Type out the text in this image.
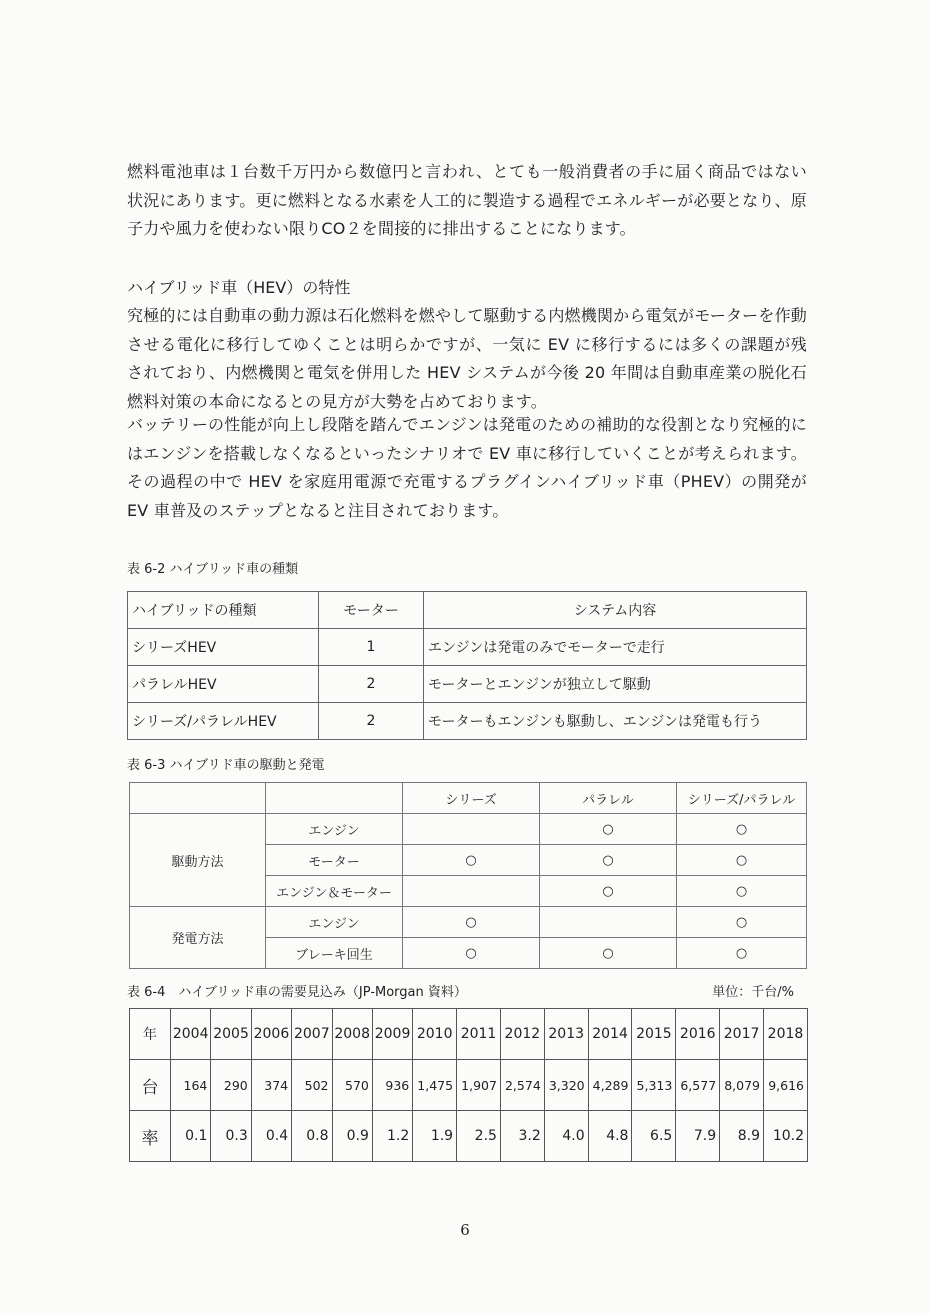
燃料電池車は１台数千万円から数億円と言われ、とても一般消費者の手に届く商品ではない状況にあります。更に燃料となる水素を人工的に製造する過程でエネルギーが必要となり、原子力や風力を使わない限りCO２を間接的に排出することになります。

ハイブリッド車（HEV）の特性

究極的には自動車の動力源は石化燃料を燃やして駆動する内燃機関から電気がモーターを作動させる電化に移行してゆくことは明らかですが、一気に EV に移行するには多くの課題が残されており、内燃機関と電気を併用した HEV システムが今後 20 年間は自動車産業の脱化石燃料対策の本命になるとの見方が大勢を占めております。

バッテリーの性能が向上し段階を踏んでエンジンは発電のための補助的な役割となり究極的にはエンジンを搭載しなくなるといったシナリオで EV 車に移行していくことが考えられます。その過程の中で HEV を家庭用電源で充電するプラグインハイブリッド車（PHEV）の開発が EV 車普及のステップとなると注目されております。

表 6-2 ハイブリッド車の種類

ハイブリッドの種類	モーター	システム内容
シリーズHEV	1	エンジンは発電のみでモーターで走行
パラレルHEV	2	モーターとエンジンが独立して駆動
シリーズ/パラレルHEV	2	モーターもエンジンも駆動し、エンジンは発電も行う

表 6-3 ハイブリド車の駆動と発電

		シリーズ	パラレル	シリーズ/パラレル
駆動方法	エンジン		○	○
	モーター	○	○	○
	エンジン＆モーター		○	○
発電方法	エンジン	○		○
	ブレーキ回生	○	○	○

表 6-4　ハイブリッド車の需要見込み（JP-Morgan 資料）	単位：千台/%

年	2004	2005	2006	2007	2008	2009	2010	2011	2012	2013	2014	2015	2016	2017	2018
台	164	290	374	502	570	936	1,475	1,907	2,574	3,320	4,289	5,313	6,577	8,079	9,616
率	0.1	0.3	0.4	0.8	0.9	1.2	1.9	2.5	3.2	4.0	4.8	6.5	7.9	8.9	10.2

6
